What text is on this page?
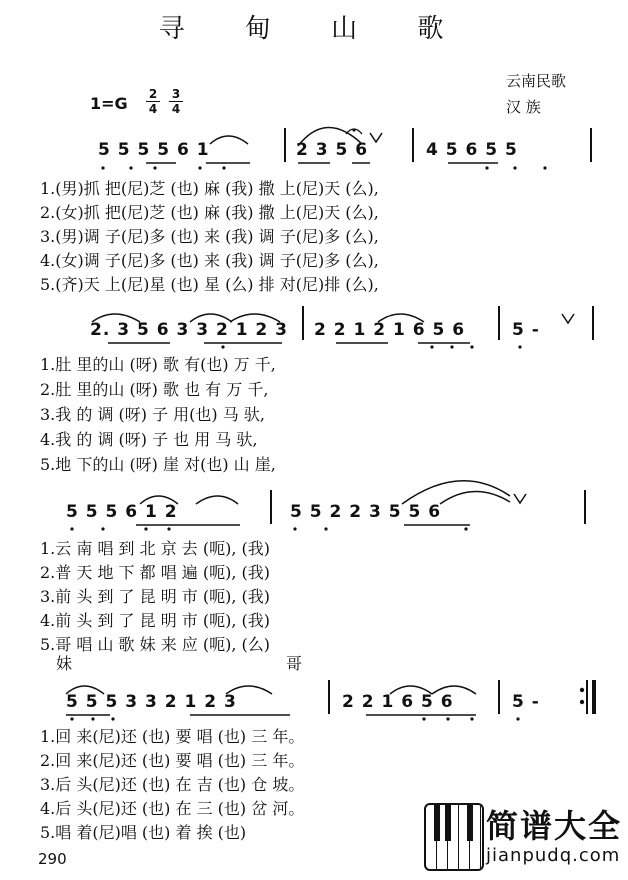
寻 甸 山 歌
云南民歌
汉 族
$1=G \frac{2}{4}$
$\frac{3}{4}$
5 5 5 5 6 1	2 3 5 6	4 5 6 5 5
1.(男)抓 把(尼)芝 (也) 麻 (我) 撒 上(尼)天 (么),
2.(女)抓 把(尼)芝 (也) 麻 (我) 撒 上(尼)天 (么),
3.(男)调 子(尼)多 (也) 来 (我) 调 子(尼)多 (么),
4.(女)调 子(尼)多 (也) 来 (我) 调 子(尼)多 (么),
5.(齐)天 上(尼)星 (也) 星 (么) 排 对(尼)排 (么),
2. 3 5 6 3 3 2 1 2 3 2 2 1 2 1 6 5 6	5 -
1.肚 里的山 (呀) 歌 有(也) 万 千,
2.肚 里的山 (呀) 歌 也 有 万 千,
3.我 的 调 (呀) 子 用(也) 马 驮,
4.我 的 调 (呀) 子 也 用 马 驮,
5.地 下的山 (呀) 崖 对(也) 山 崖,
5 5 5 6 1 2	5 5 2 2 3 5 5 6
1.云 南 唱 到 北 京 去 (呃), (我)
2.普 天 地 下 都 唱 遍 (呃), (我)
3.前 头 到 了 昆 明 市 (呃), (我)
4.前 头 到 了 昆 明 市 (呃), (我)
5.哥 唱 山 歌 妹 来 应 (呃), (么)
妹	哥
5 5 5 3 3 2 1 2 3	2 2 1 6 5 6	5 -
1.回 来(尼)还 (也) 要 唱 (也) 三 年。
2.回 来(尼)还 (也) 要 唱 (也) 三 年。
3.后 头(尼)还 (也) 在 吉 (也) 仓 坡。
4.后 头(尼)还 (也) 在 三 (也) 岔 河。
5.唱 着(尼)唱 (也) 着 挨 (也)
290
简谱大全
jianpudq.com
